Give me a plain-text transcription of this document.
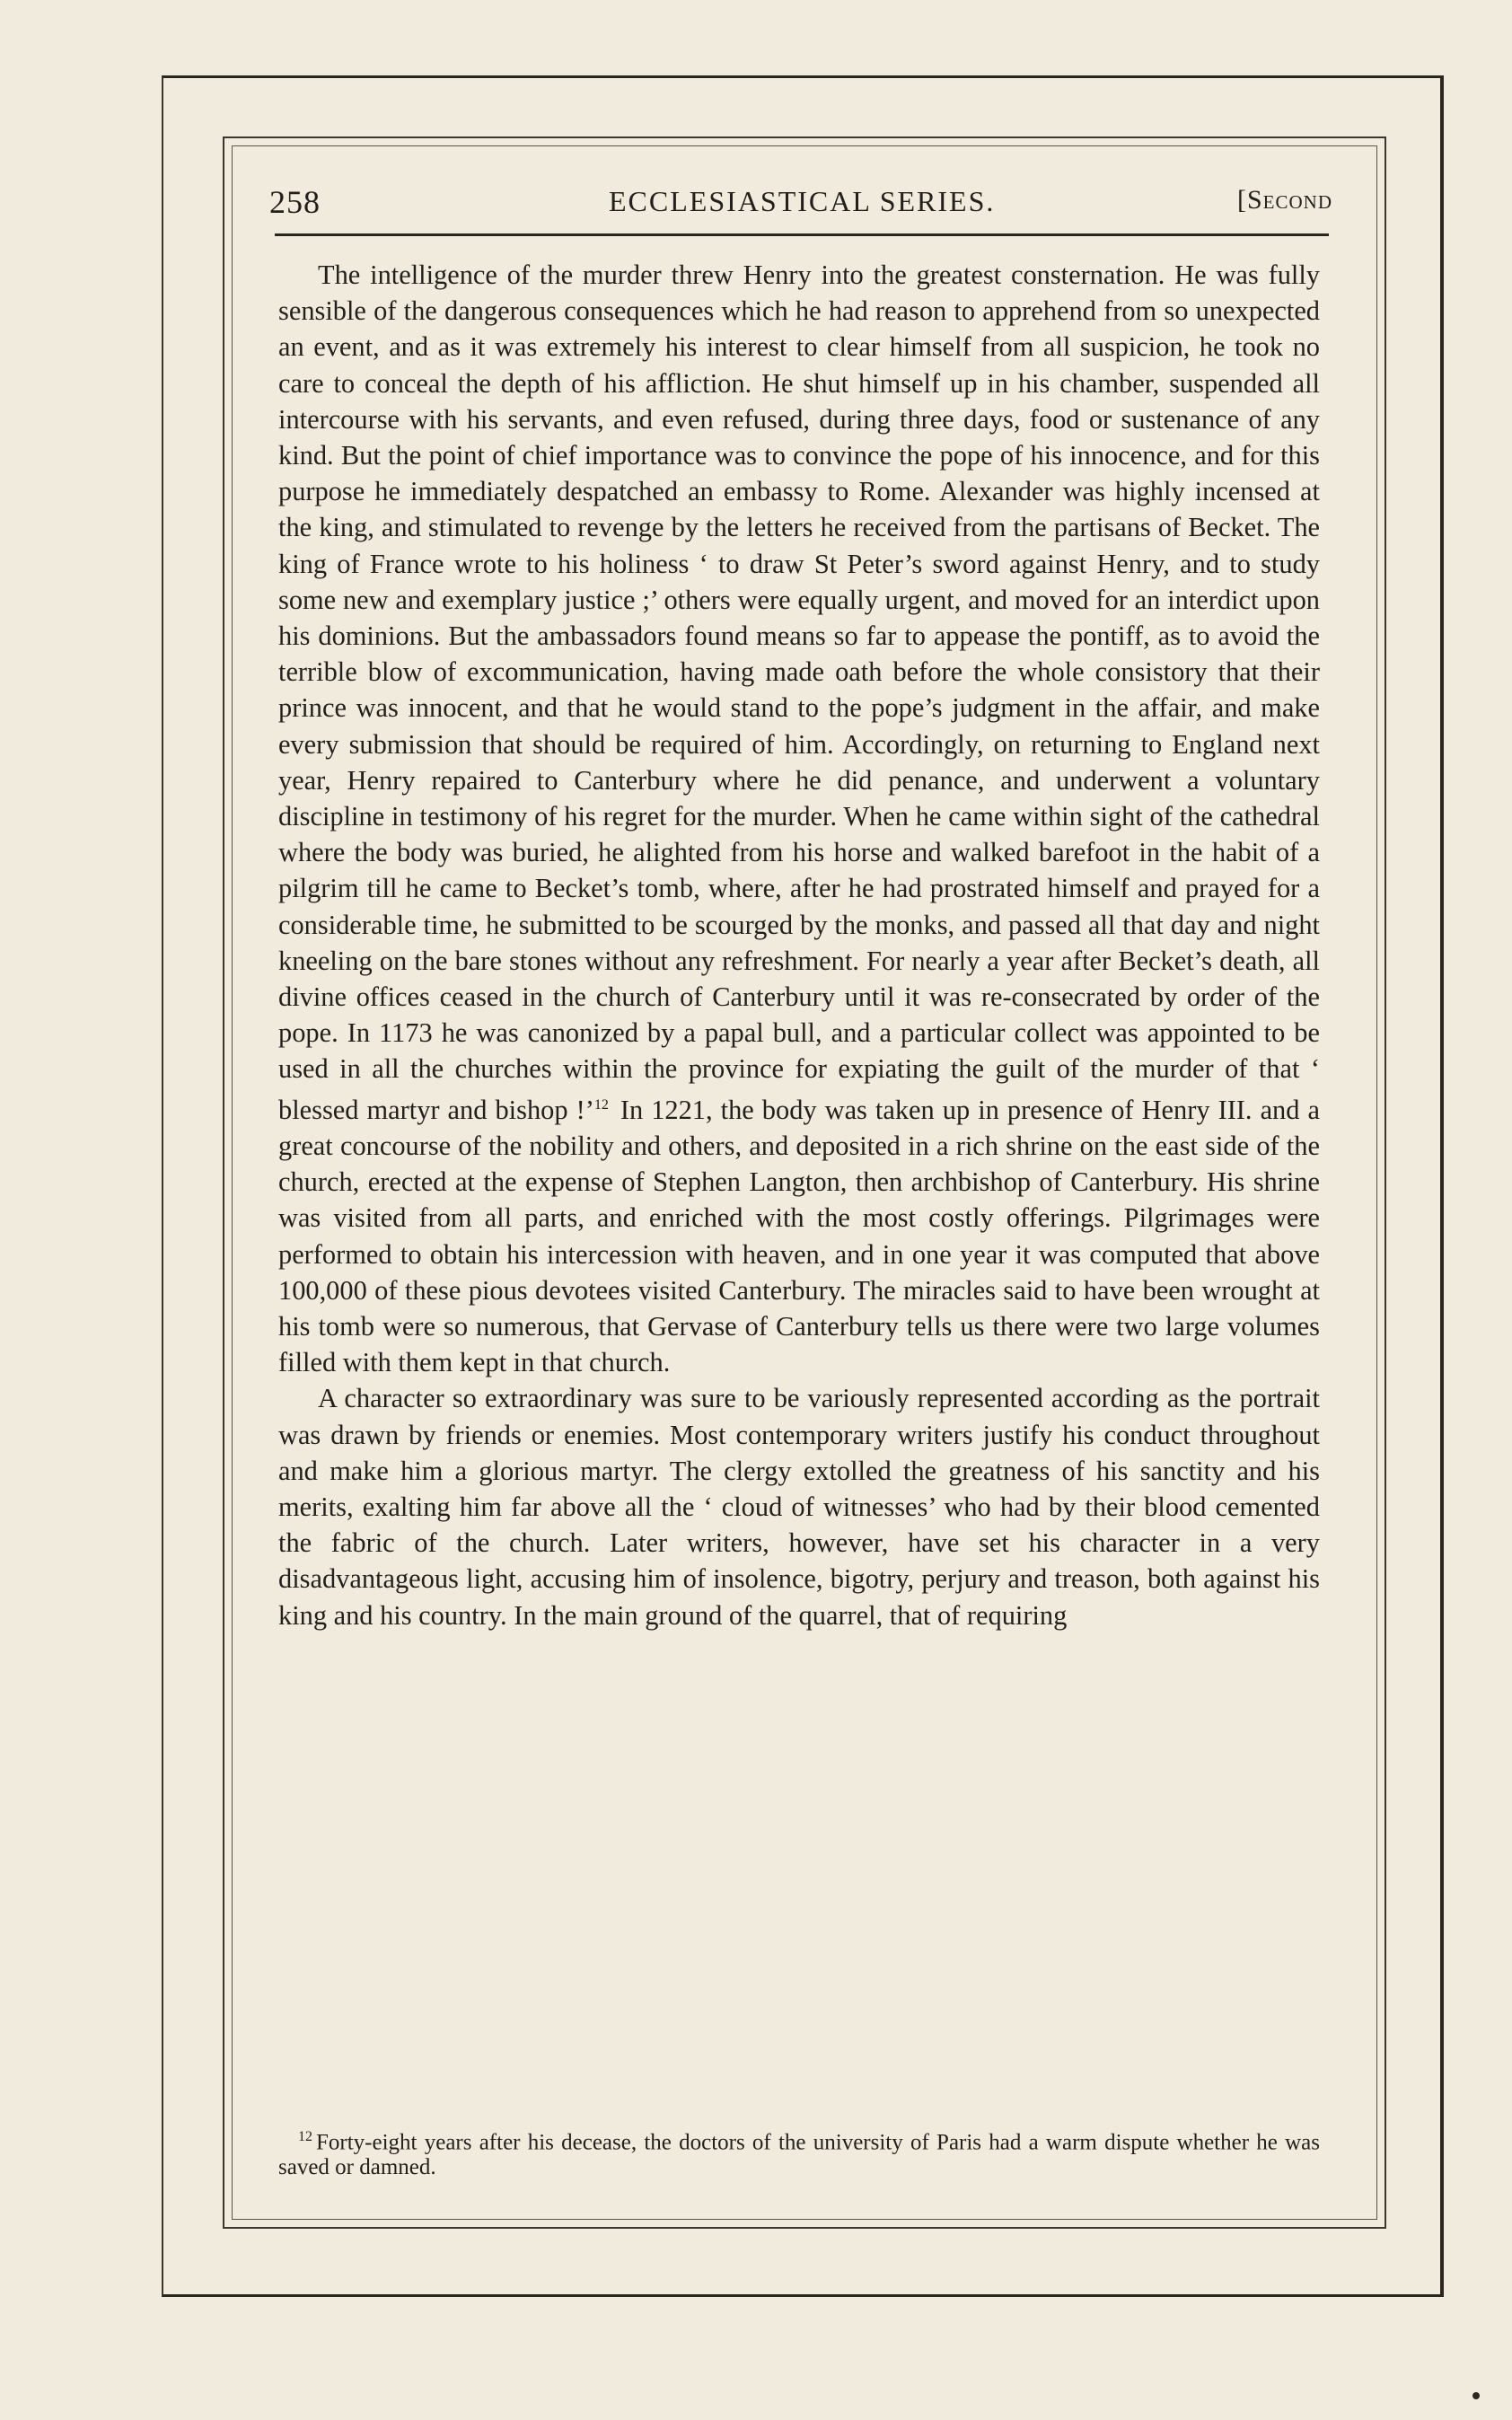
258	ECCLESIASTICAL SERIES.	[Second

The intelligence of the murder threw Henry into the greatest consternation. He was fully sensible of the dangerous consequences which he had reason to apprehend from so unexpected an event, and as it was extremely his interest to clear himself from all suspicion, he took no care to conceal the depth of his affliction. He shut himself up in his chamber, suspended all intercourse with his servants, and even refused, during three days, food or sustenance of any kind. But the point of chief importance was to convince the pope of his innocence, and for this purpose he immediately despatched an embassy to Rome. Alexander was highly incensed at the king, and stimulated to revenge by the letters he received from the partisans of Becket. The king of France wrote to his holiness ‘ to draw St Peter’s sword against Henry, and to study some new and exemplary justice ;’ others were equally urgent, and moved for an interdict upon his dominions. But the ambassadors found means so far to appease the pontiff, as to avoid the terrible blow of excommunication, having made oath before the whole consistory that their prince was innocent, and that he would stand to the pope’s judgment in the affair, and make every submission that should be required of him. Accordingly, on returning to England next year, Henry repaired to Canterbury where he did penance, and underwent a voluntary discipline in testimony of his regret for the murder. When he came within sight of the cathedral where the body was buried, he alighted from his horse and walked barefoot in the habit of a pilgrim till he came to Becket’s tomb, where, after he had prostrated himself and prayed for a considerable time, he submitted to be scourged by the monks, and passed all that day and night kneeling on the bare stones without any refreshment. For nearly a year after Becket’s death, all divine offices ceased in the church of Canterbury until it was re-consecrated by order of the pope. In 1173 he was canonized by a papal bull, and a particular collect was appointed to be used in all the churches within the province for expiating the guilt of the murder of that ‘ blessed martyr and bishop !’$^{12}$ In 1221, the body was taken up in presence of Henry III. and a great concourse of the nobility and others, and deposited in a rich shrine on the east side of the church, erected at the expense of Stephen Langton, then archbishop of Canterbury. His shrine was visited from all parts, and enriched with the most costly offerings. Pilgrimages were performed to obtain his intercession with heaven, and in one year it was computed that above 100,000 of these pious devotees visited Canterbury. The miracles said to have been wrought at his tomb were so numerous, that Gervase of Canterbury tells us there were two large volumes filled with them kept in that church.

A character so extraordinary was sure to be variously represented according as the portrait was drawn by friends or enemies. Most contemporary writers justify his conduct throughout and make him a glorious martyr. The clergy extolled the greatness of his sanctity and his merits, exalting him far above all the ‘ cloud of witnesses’ who had by their blood cemented the fabric of the church. Later writers, however, have set his character in a very disadvantageous light, accusing him of insolence, bigotry, perjury and treason, both against his king and his country. In the main ground of the quarrel, that of requiring

$^{12}$ Forty-eight years after his decease, the doctors of the university of Paris had a warm dispute whether he was saved or damned.
